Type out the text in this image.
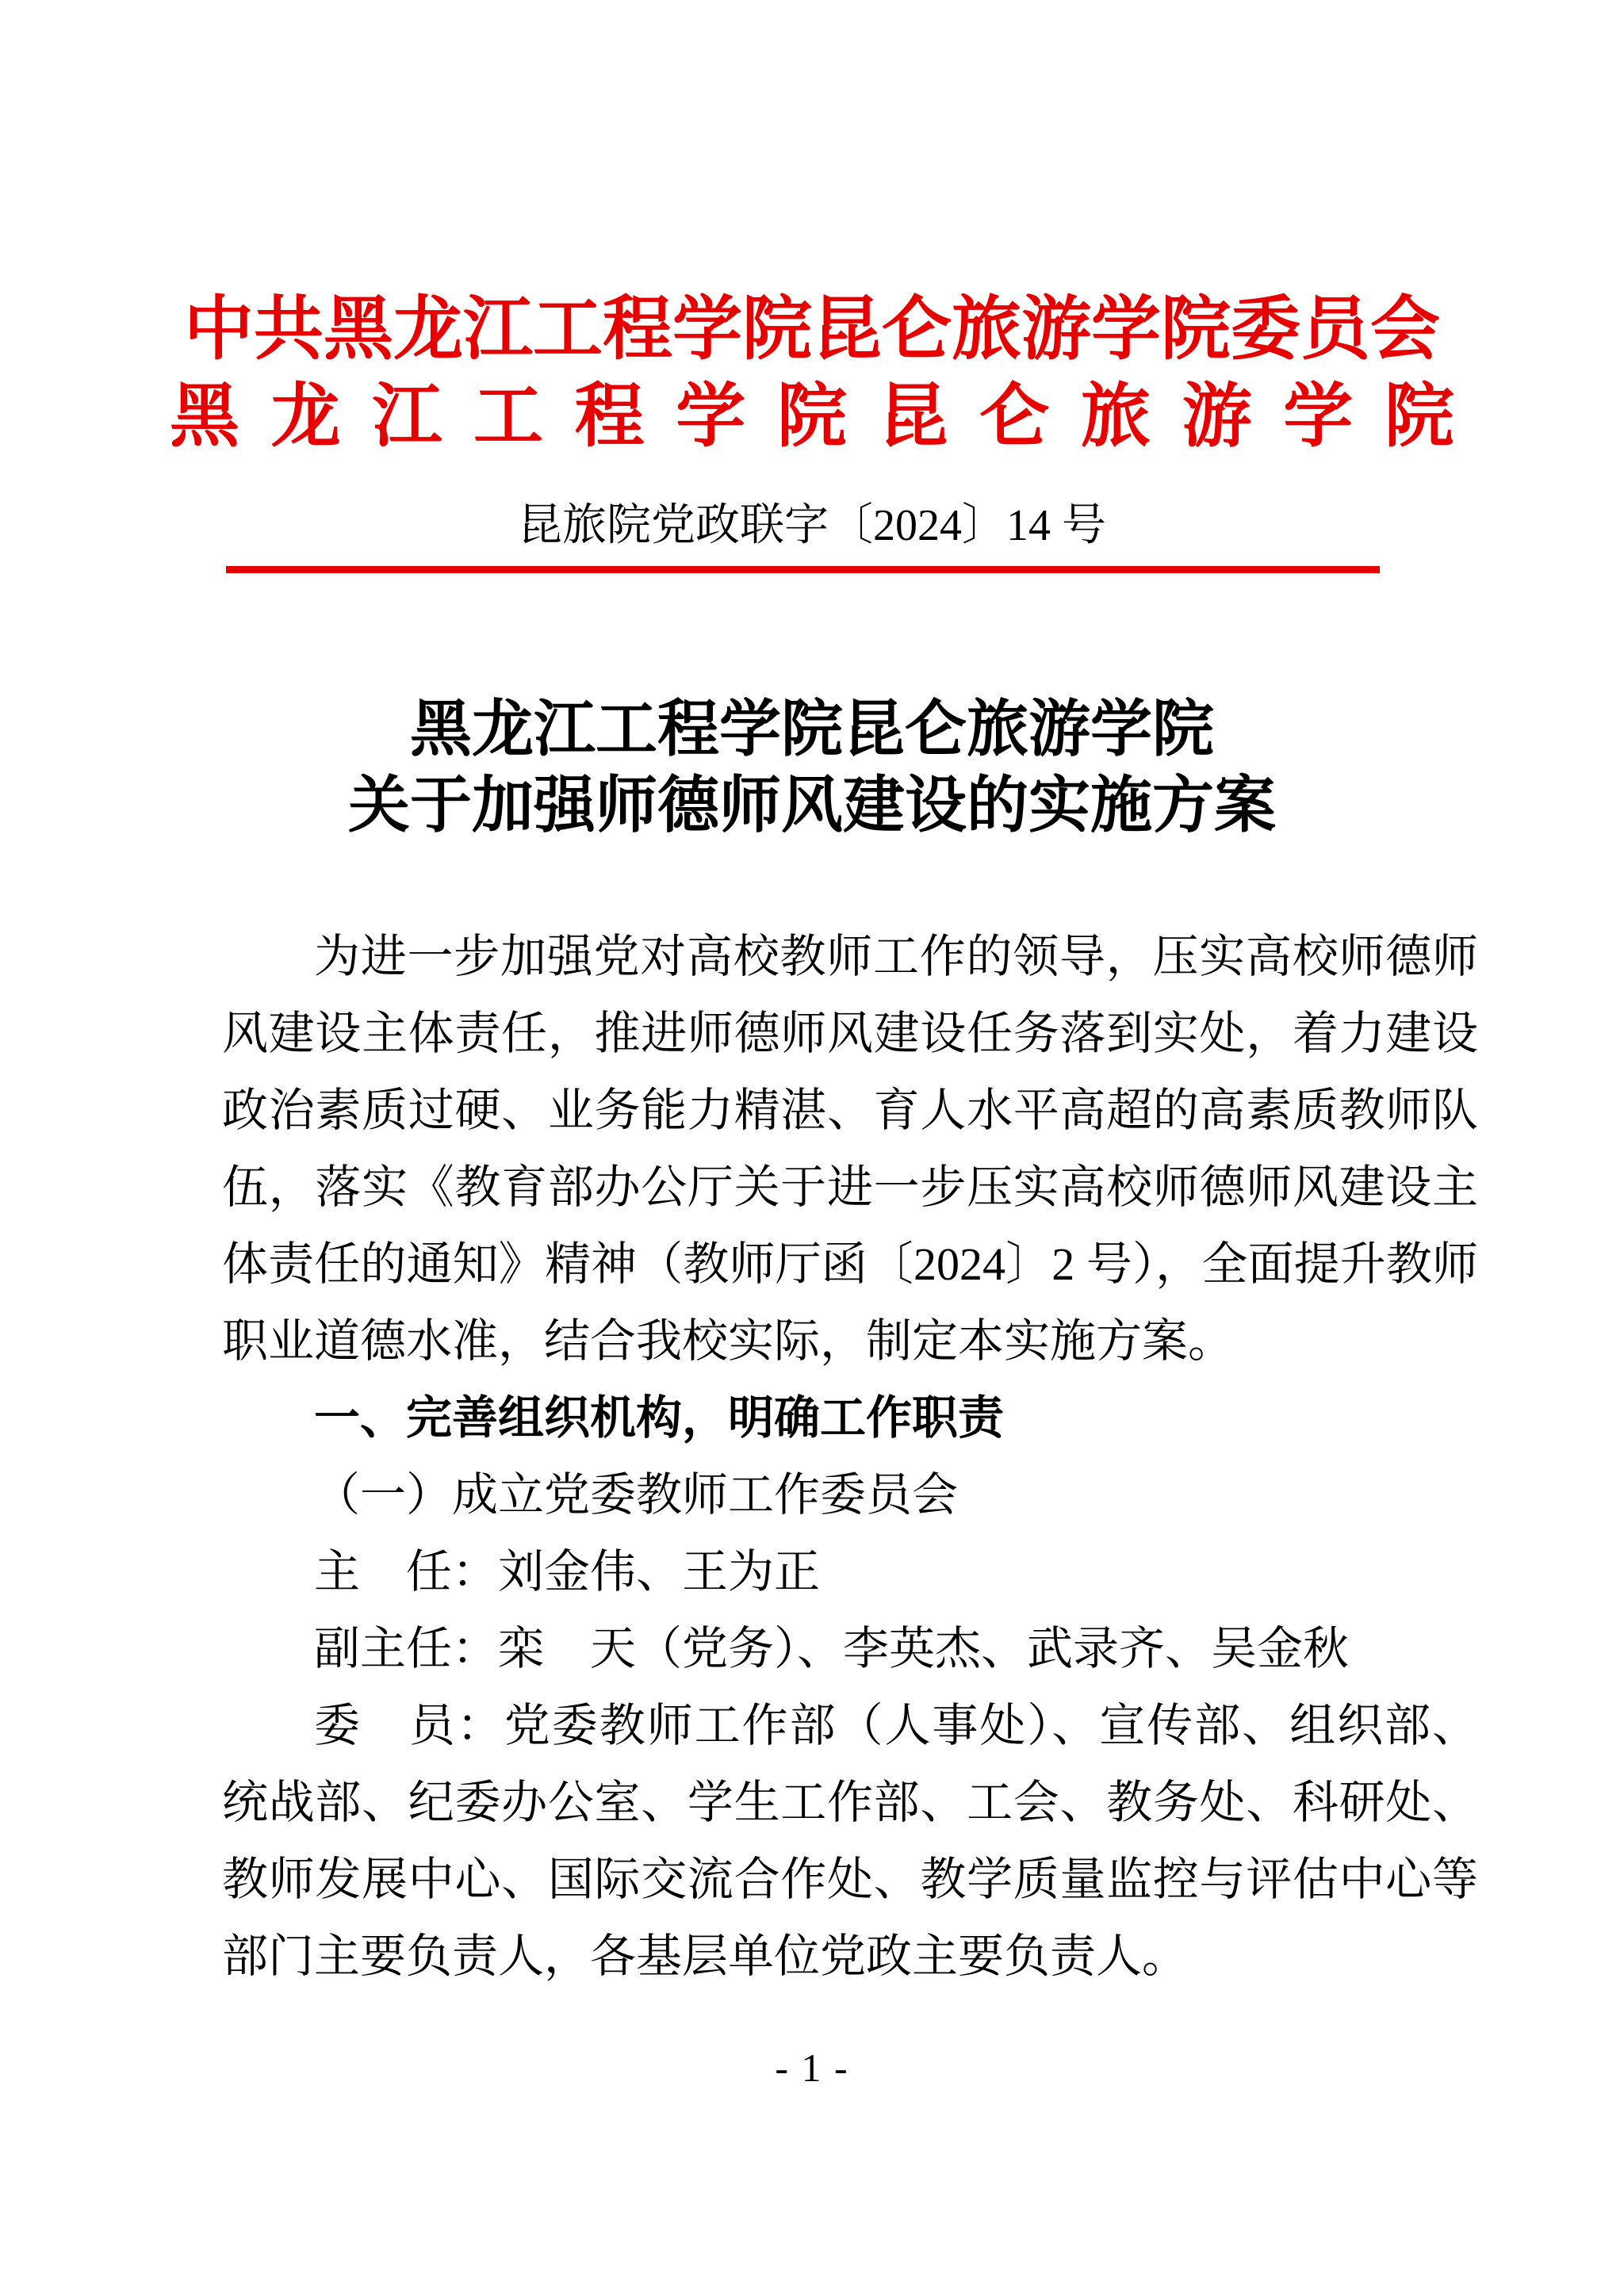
中共黑龙江工程学院昆仑旅游学院委员会
黑 龙 江 工 程 学 院 昆 仑 旅 游 学 院
昆旅院党政联字〔2024〕14 号
黑龙江工程学院昆仑旅游学院
关于加强师德师风建设的实施方案

为进一步加强党对高校教师工作的领导，压实高校师德师风建设主体责任，推进师德师风建设任务落到实处，着力建设政治素质过硬、业务能力精湛、育人水平高超的高素质教师队伍，落实《教育部办公厅关于进一步压实高校师德师风建设主体责任的通知》精神（教师厅函〔2024〕2 号），全面提升教师职业道德水准，结合我校实际，制定本实施方案。

一、完善组织机构，明确工作职责

（一）成立党委教师工作委员会

主　任：刘金伟、王为正

副主任：栾　天（党务）、李英杰、武录齐、吴金秋

委　员：党委教师工作部（人事处）、宣传部、组织部、统战部、纪委办公室、学生工作部、工会、教务处、科研处、教师发展中心、国际交流合作处、教学质量监控与评估中心等部门主要负责人，各基层单位党政主要负责人。

- 1 -
